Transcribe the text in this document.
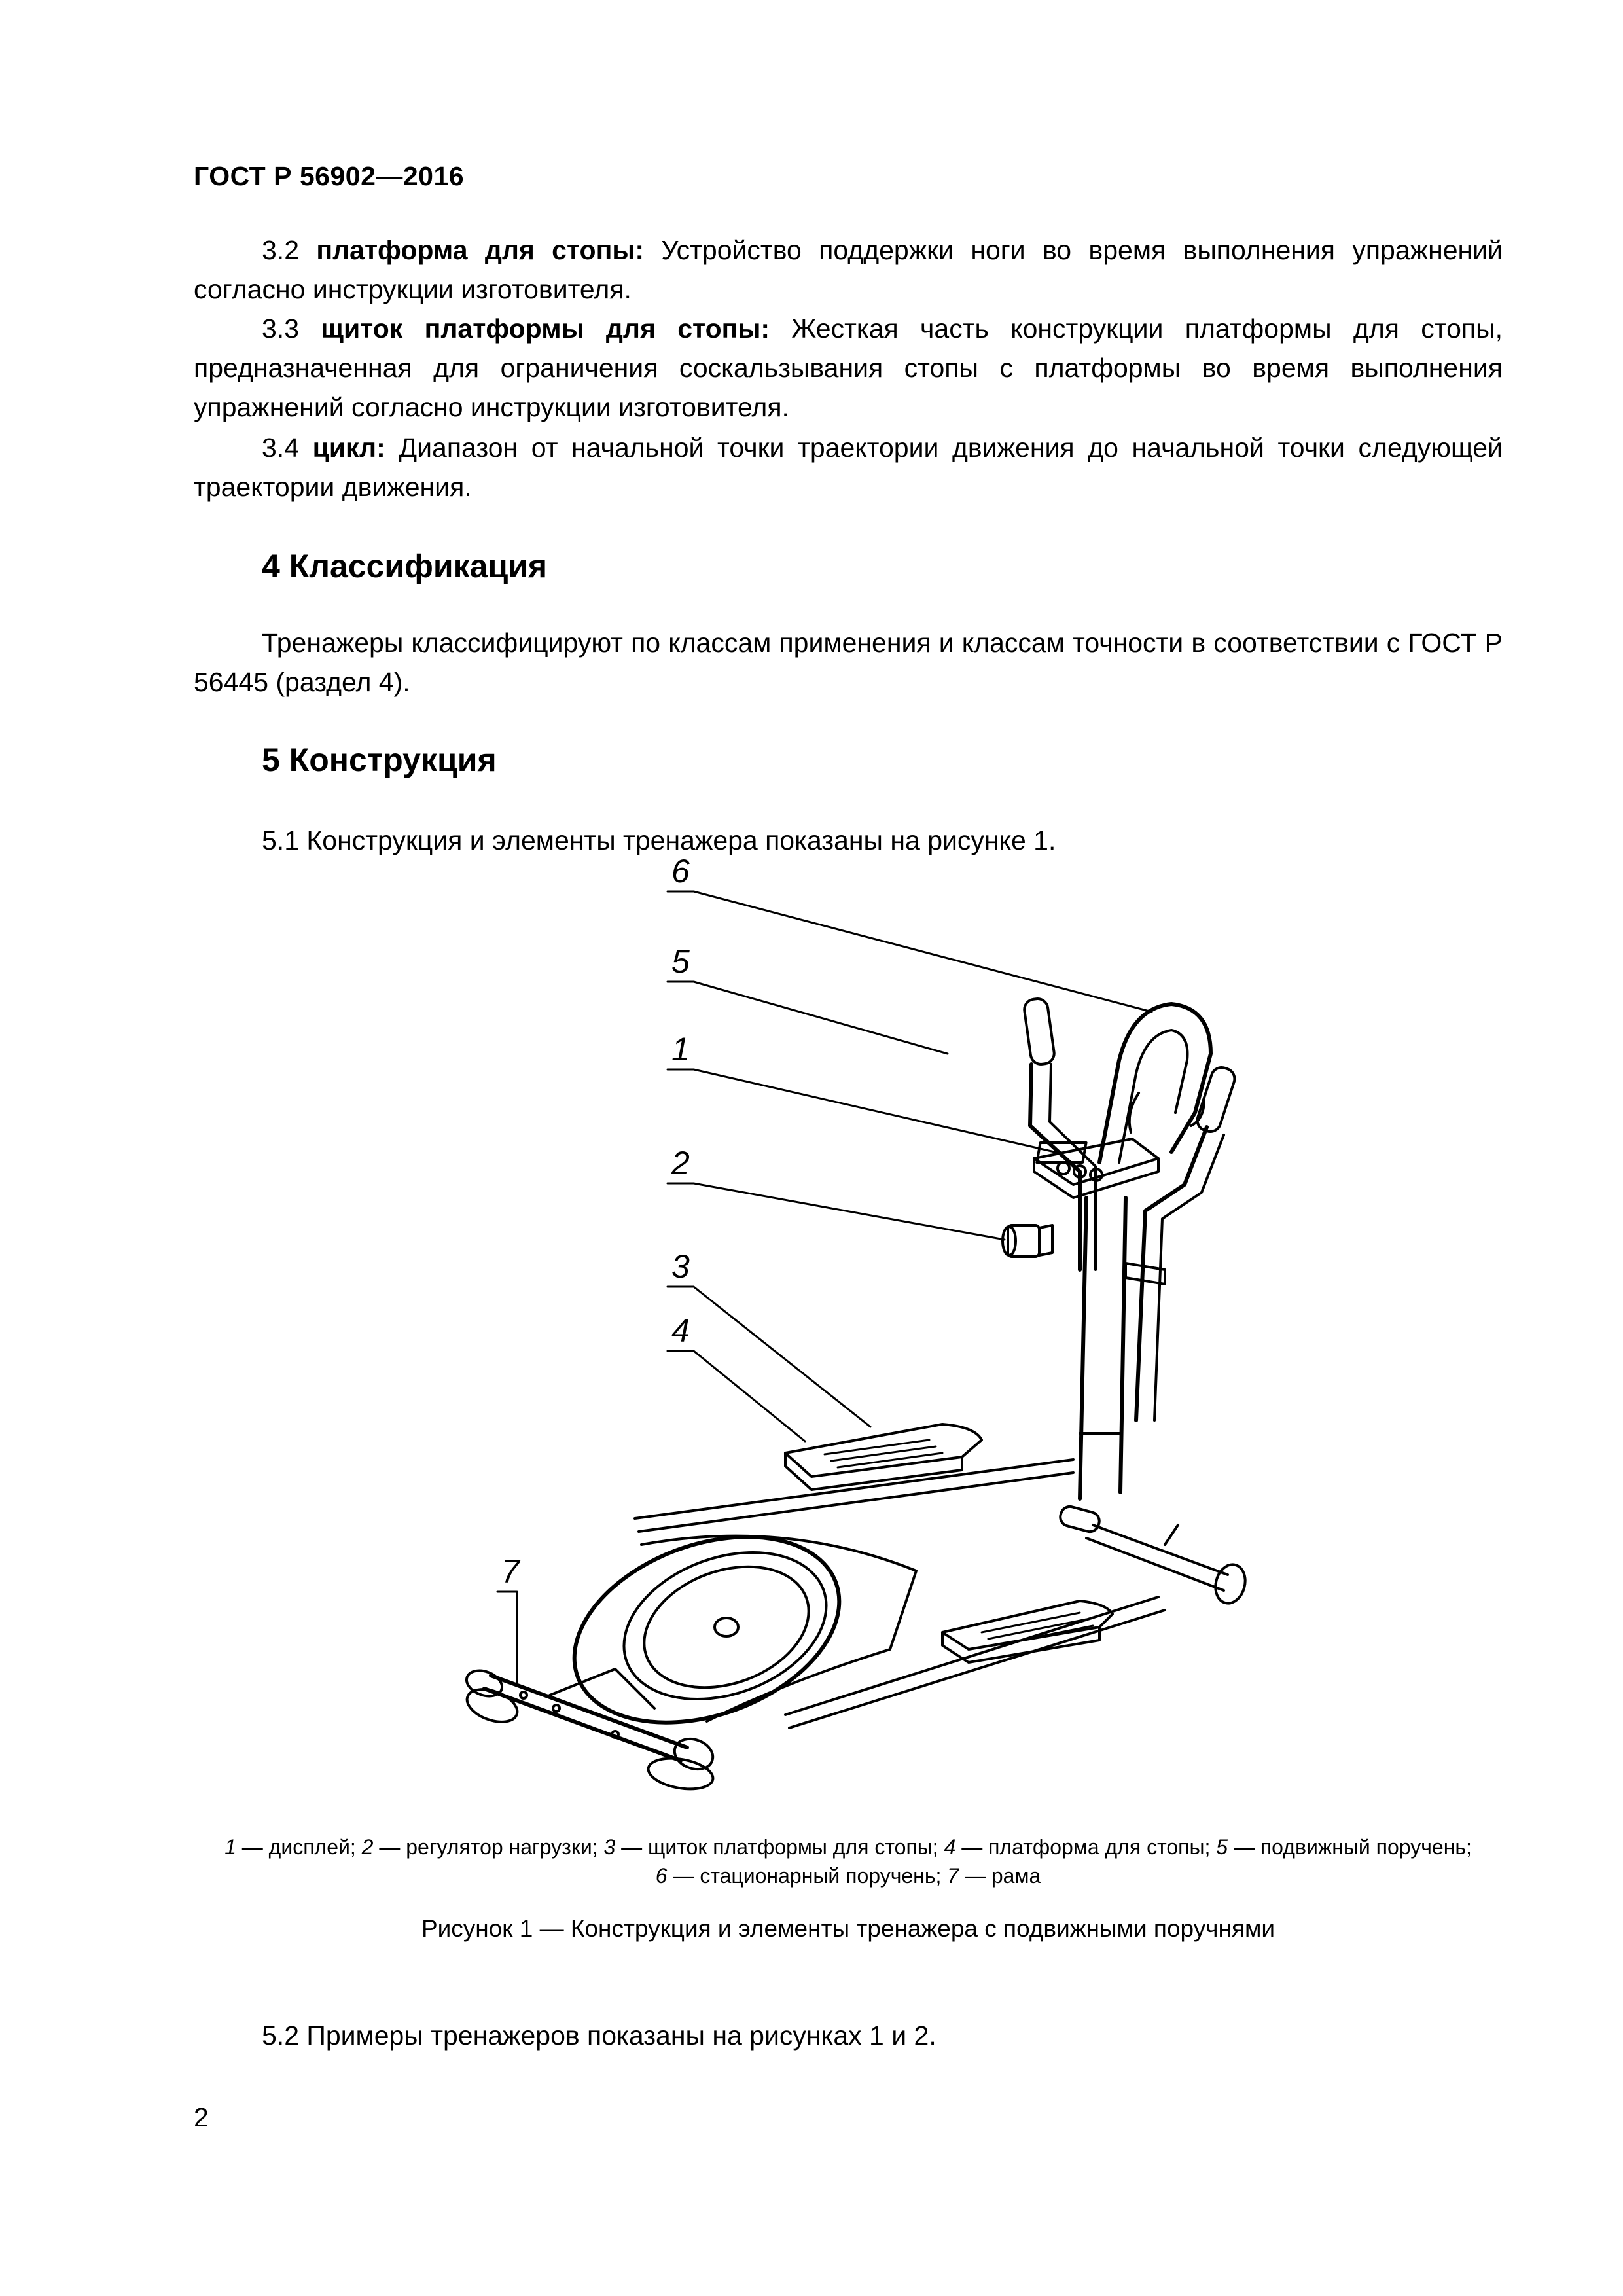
ГОСТ Р 56902—2016
3.2 платформа для стопы: Устройство поддержки ноги во время выполнения упражнений согласно инструкции изготовителя.
3.3 щиток платформы для стопы: Жесткая часть конструкции платформы для стопы, предназначенная для ограничения соскальзывания стопы с платформы во время выполнения упражнений согласно инструкции изготовителя.
3.4 цикл: Диапазон от начальной точки траектории движения до начальной точки следующей траектории движения.
4 Классификация
Тренажеры классифицируют по классам применения и классам точности в соответствии с ГОСТ Р 56445 (раздел 4).
5 Конструкция
5.1 Конструкция и элементы тренажера показаны на рисунке 1.
6
5
1
2
3
4
7
1 — дисплей; 2 — регулятор нагрузки; 3 — щиток платформы для стопы; 4 — платформа для стопы; 5 — подвижный поручень;
6 — стационарный поручень; 7 — рама
Рисунок 1 — Конструкция и элементы тренажера с подвижными поручнями
5.2 Примеры тренажеров показаны на рисунках 1 и 2.
2
